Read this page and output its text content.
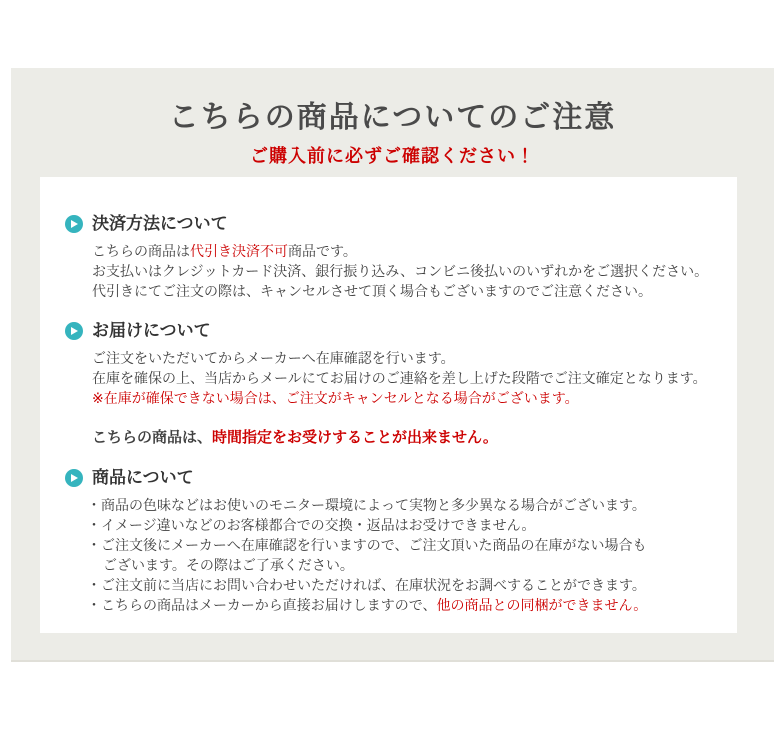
こちらの商品についてのご注意
ご購入前に必ずご確認ください！
決済方法について
こちらの商品は代引き決済不可商品です。
お支払いはクレジットカード決済、銀行振り込み、コンビニ後払いのいずれかをご選択ください。
代引きにてご注文の際は、キャンセルさせて頂く場合もございますのでご注意ください。
お届けについて
ご注文をいただいてからメーカーへ在庫確認を行います。
在庫を確保の上、当店からメールにてお届けのご連絡を差し上げた段階でご注文確定となります。
※在庫が確保できない場合は、ご注文がキャンセルとなる場合がございます。
こちらの商品は、時間指定をお受けすることが出来ません。
商品について
・商品の色味などはお使いのモニター環境によって実物と多少異なる場合がございます。
・イメージ違いなどのお客様都合での交換・返品はお受けできません。
・ご注文後にメーカーへ在庫確認を行いますので、ご注文頂いた商品の在庫がない場合も
ございます。その際はご了承ください。
・ご注文前に当店にお問い合わせいただければ、在庫状況をお調べすることができます。
・こちらの商品はメーカーから直接お届けしますので、他の商品との同梱ができません。
